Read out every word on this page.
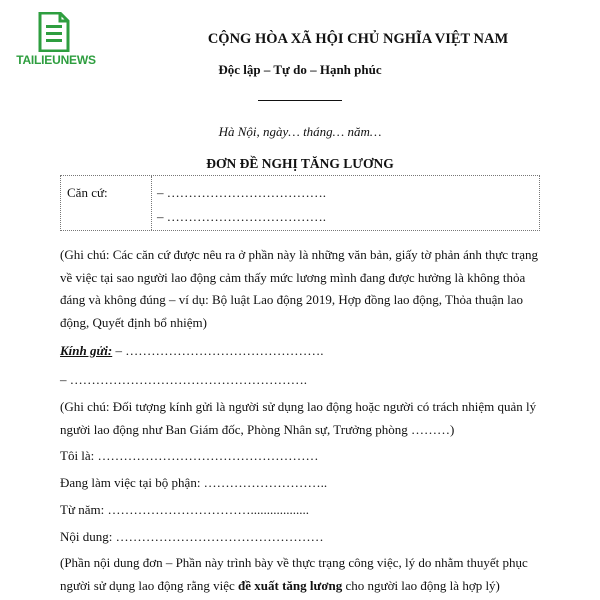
TAILIEUNEWS
CỘNG HÒA XÃ HỘI CHỦ NGHĨA VIỆT NAM
Độc lập – Tự do – Hạnh phúc
Hà Nội, ngày… tháng… năm…
ĐƠN ĐỀ NGHỊ TĂNG LƯƠNG
Căn cứ:	– ……………………………….
– ……………………………….
(Ghi chú: Các căn cứ được nêu ra ở phần này là những văn bản, giấy tờ phản ánh thực trạng về việc tại sao người lao động cảm thấy mức lương mình đang được hưởng là không thỏa đáng và không đúng – ví dụ: Bộ luật Lao động 2019, Hợp đồng lao động, Thỏa thuận lao động, Quyết định bổ nhiệm)
Kính gửi: – ……………………………………….
– ……………………………………………….
(Ghi chú: Đối tượng kính gửi là người sử dụng lao động hoặc người có trách nhiệm quản lý người lao động như Ban Giám đốc, Phòng Nhân sự, Trưởng phòng ………)
Tôi là: ……………………………………………
Đang làm việc tại bộ phận: ………………………..
Từ năm: ……………………………..................
Nội dung: …………………………………………
(Phần nội dung đơn – Phần này trình bày về thực trạng công việc, lý do nhằm thuyết phục người sử dụng lao động rằng việc đề xuất tăng lương cho người lao động là hợp lý)
